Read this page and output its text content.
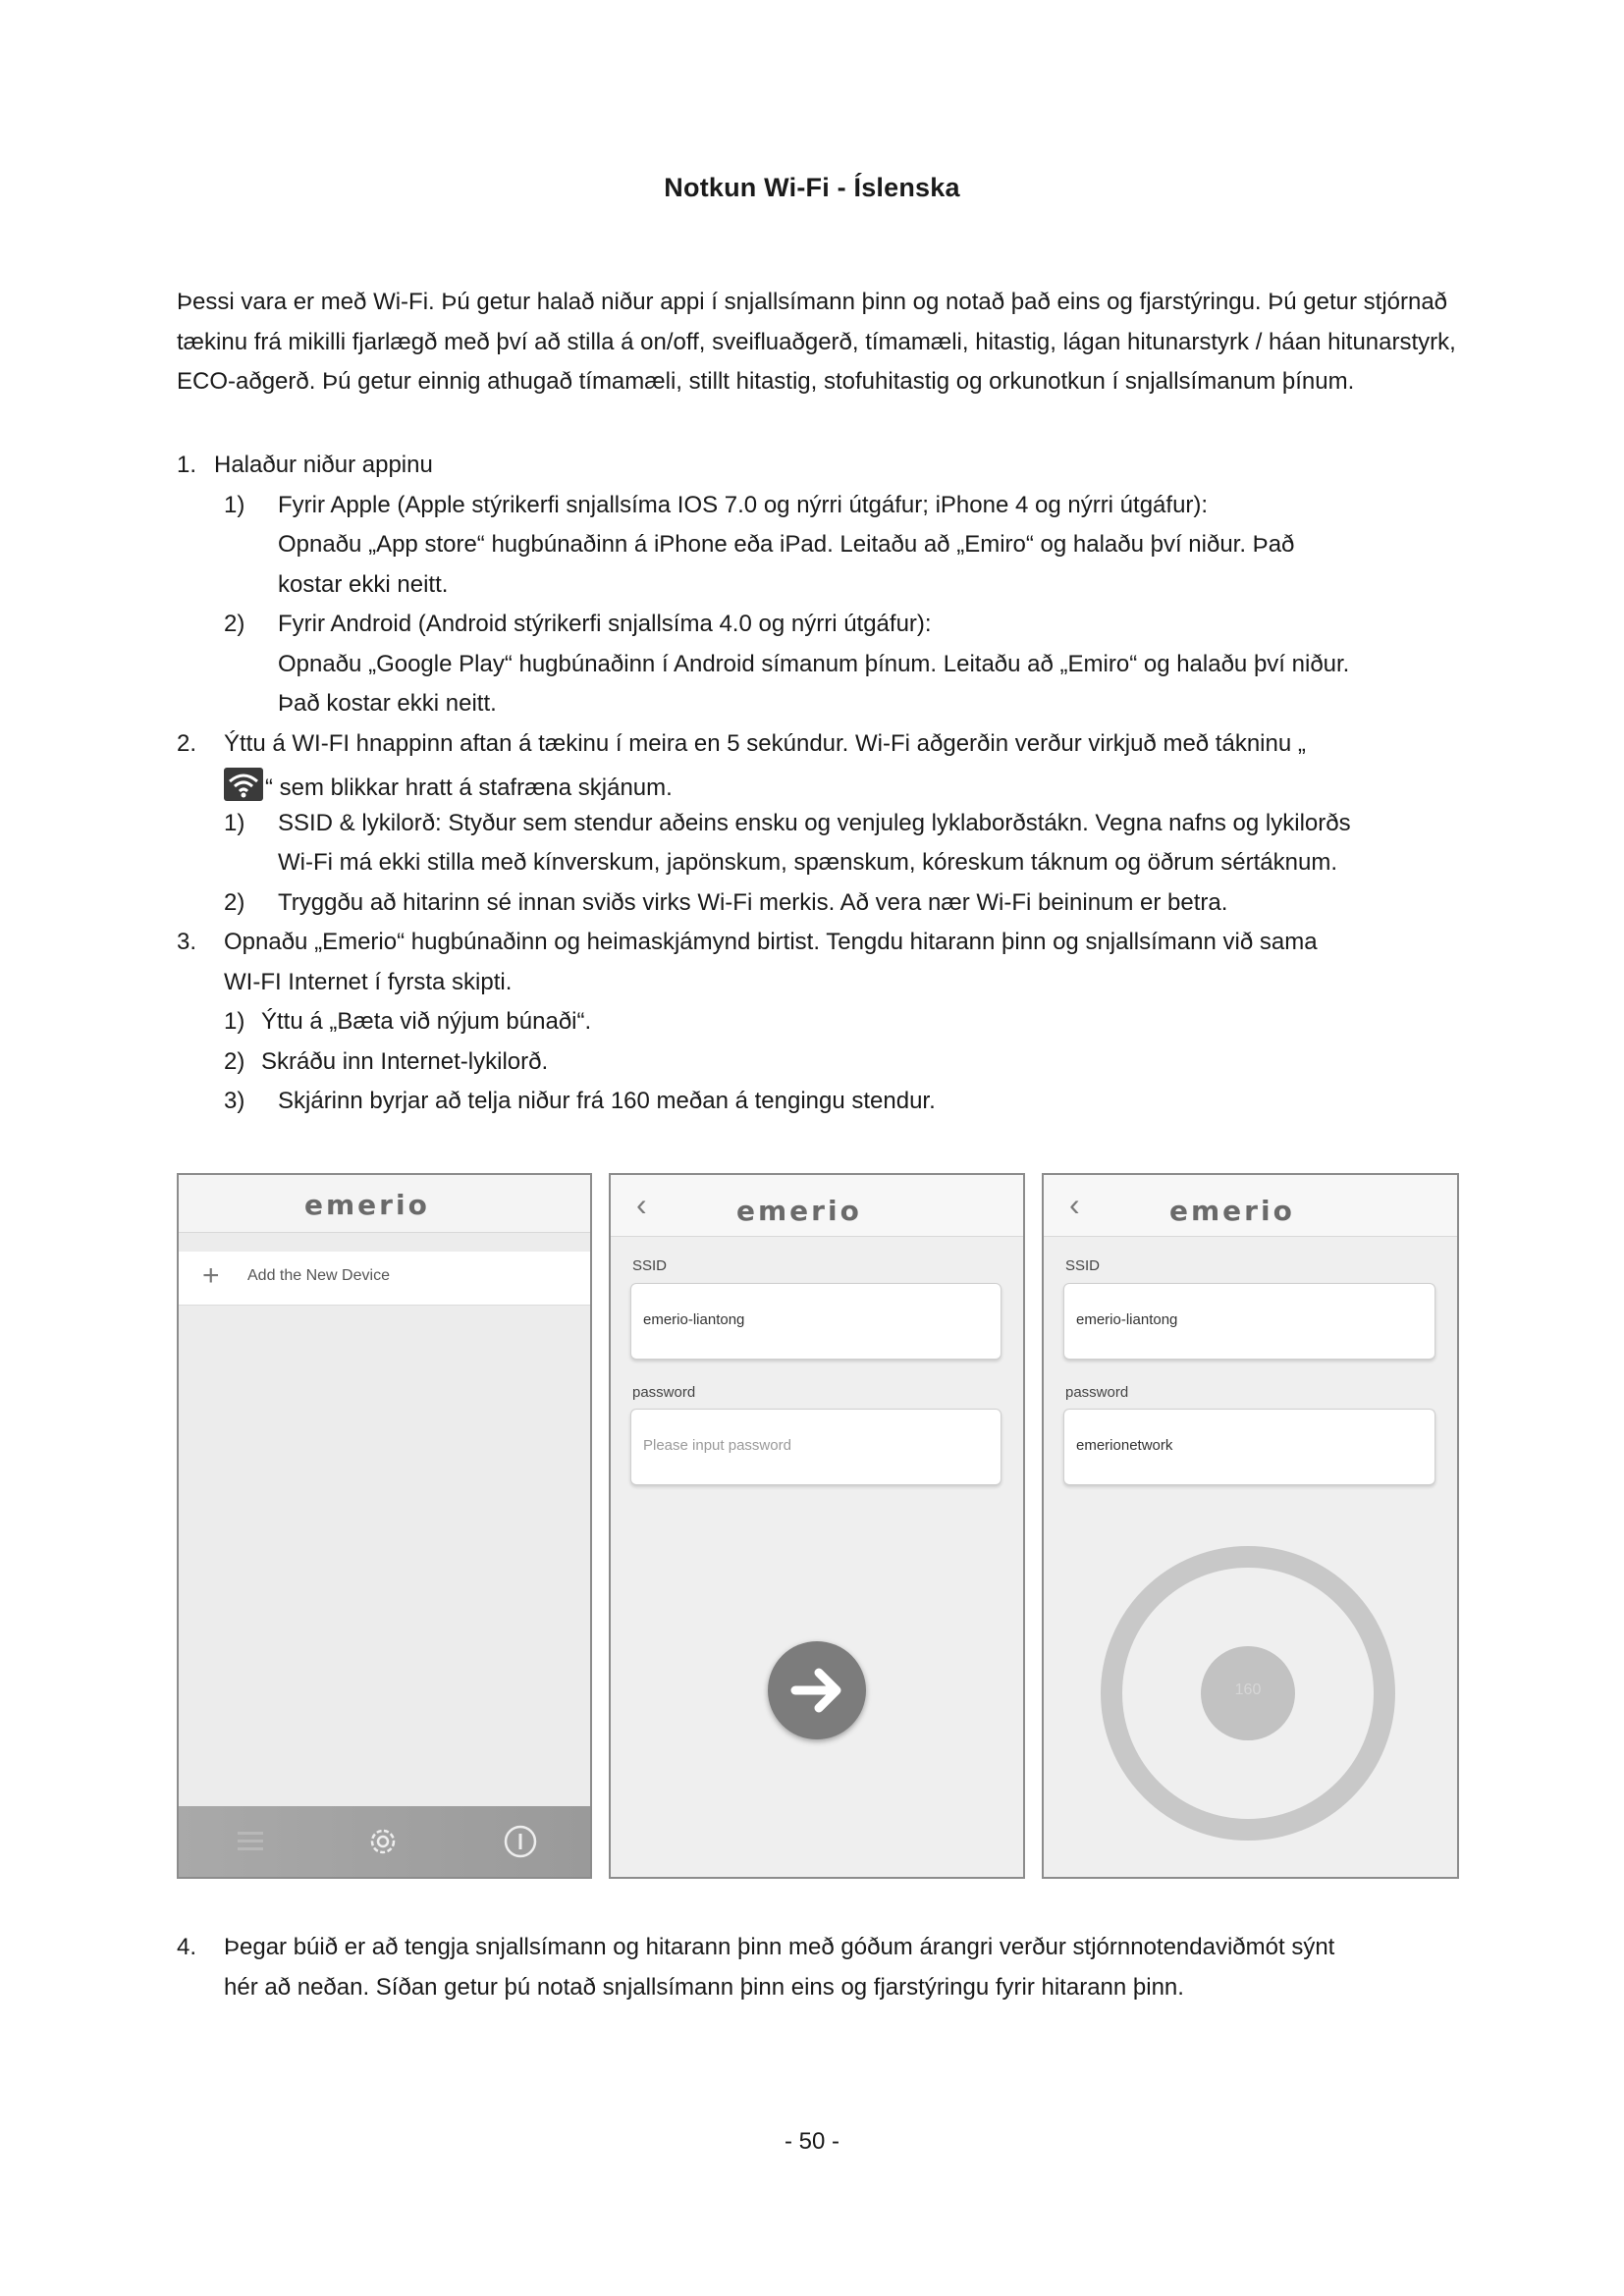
Notkun Wi-Fi - Íslenska
Þessi vara er með Wi-Fi. Þú getur halað niður appi í snjallsímann þinn og notað það eins og fjarstýringu. Þú getur stjórnað tækinu frá mikilli fjarlægð með því að stilla á on/off, sveifluaðgerð, tímamæli, hitastig, lágan hitunarstyrk / háan hitunarstyrk, ECO-aðgerð. Þú getur einnig athugað tímamæli, stillt hitastig, stofuhitastig og orkunotkun í snjallsímanum þínum.
1. Halaður niður appinu
1) Fyrir Apple (Apple stýrikerfi snjallsíma IOS 7.0 og nýrri útgáfur; iPhone 4 og nýrri útgáfur):
Opnaðu „App store“ hugbúnaðinn á iPhone eða iPad. Leitaðu að „Emiro“ og halaðu því niður. Það
kostar ekki neitt.
2) Fyrir Android (Android stýrikerfi snjallsíma 4.0 og nýrri útgáfur):
Opnaðu „Google Play“ hugbúnaðinn í Android símanum þínum. Leitaðu að „Emiro“ og halaðu því niður.
Það kostar ekki neitt.
2. Ýttu á WI-FI hnappinn aftan á tækinu í meira en 5 sekúndur. Wi-Fi aðgerðin verður virkjuð með tákninu „
“ sem blikkar hratt á stafræna skjánum.
1) SSID & lykilorð: Styður sem stendur aðeins ensku og venjuleg lyklaborðstákn. Vegna nafns og lykilorðs
Wi-Fi má ekki stilla með kínverskum, japönskum, spænskum, kóreskum táknum og öðrum sértáknum.
2) Tryggðu að hitarinn sé innan sviðs virks Wi-Fi merkis. Að vera nær Wi-Fi beininum er betra.
3. Opnaðu „Emerio“ hugbúnaðinn og heimaskjámynd birtist. Tengdu hitarann þinn og snjallsímann við sama
WI-FI Internet í fyrsta skipti.
1) Ýttu á „Bæta við nýjum búnaði“.
2) Skráðu inn Internet-lykilorð.
3) Skjárinn byrjar að telja niður frá 160 meðan á tengingu stendur.
emerio
+ Add the New Device
‹	emerio
SSID
emerio-liantong
password
Please input password
‹	emerio
SSID
emerio-liantong
password
emerionetwork
160
4. Þegar búið er að tengja snjallsímann og hitarann þinn með góðum árangri verður stjórnnotendaviðmót sýnt
hér að neðan. Síðan getur þú notað snjallsímann þinn eins og fjarstýringu fyrir hitarann þinn.
- 50 -
